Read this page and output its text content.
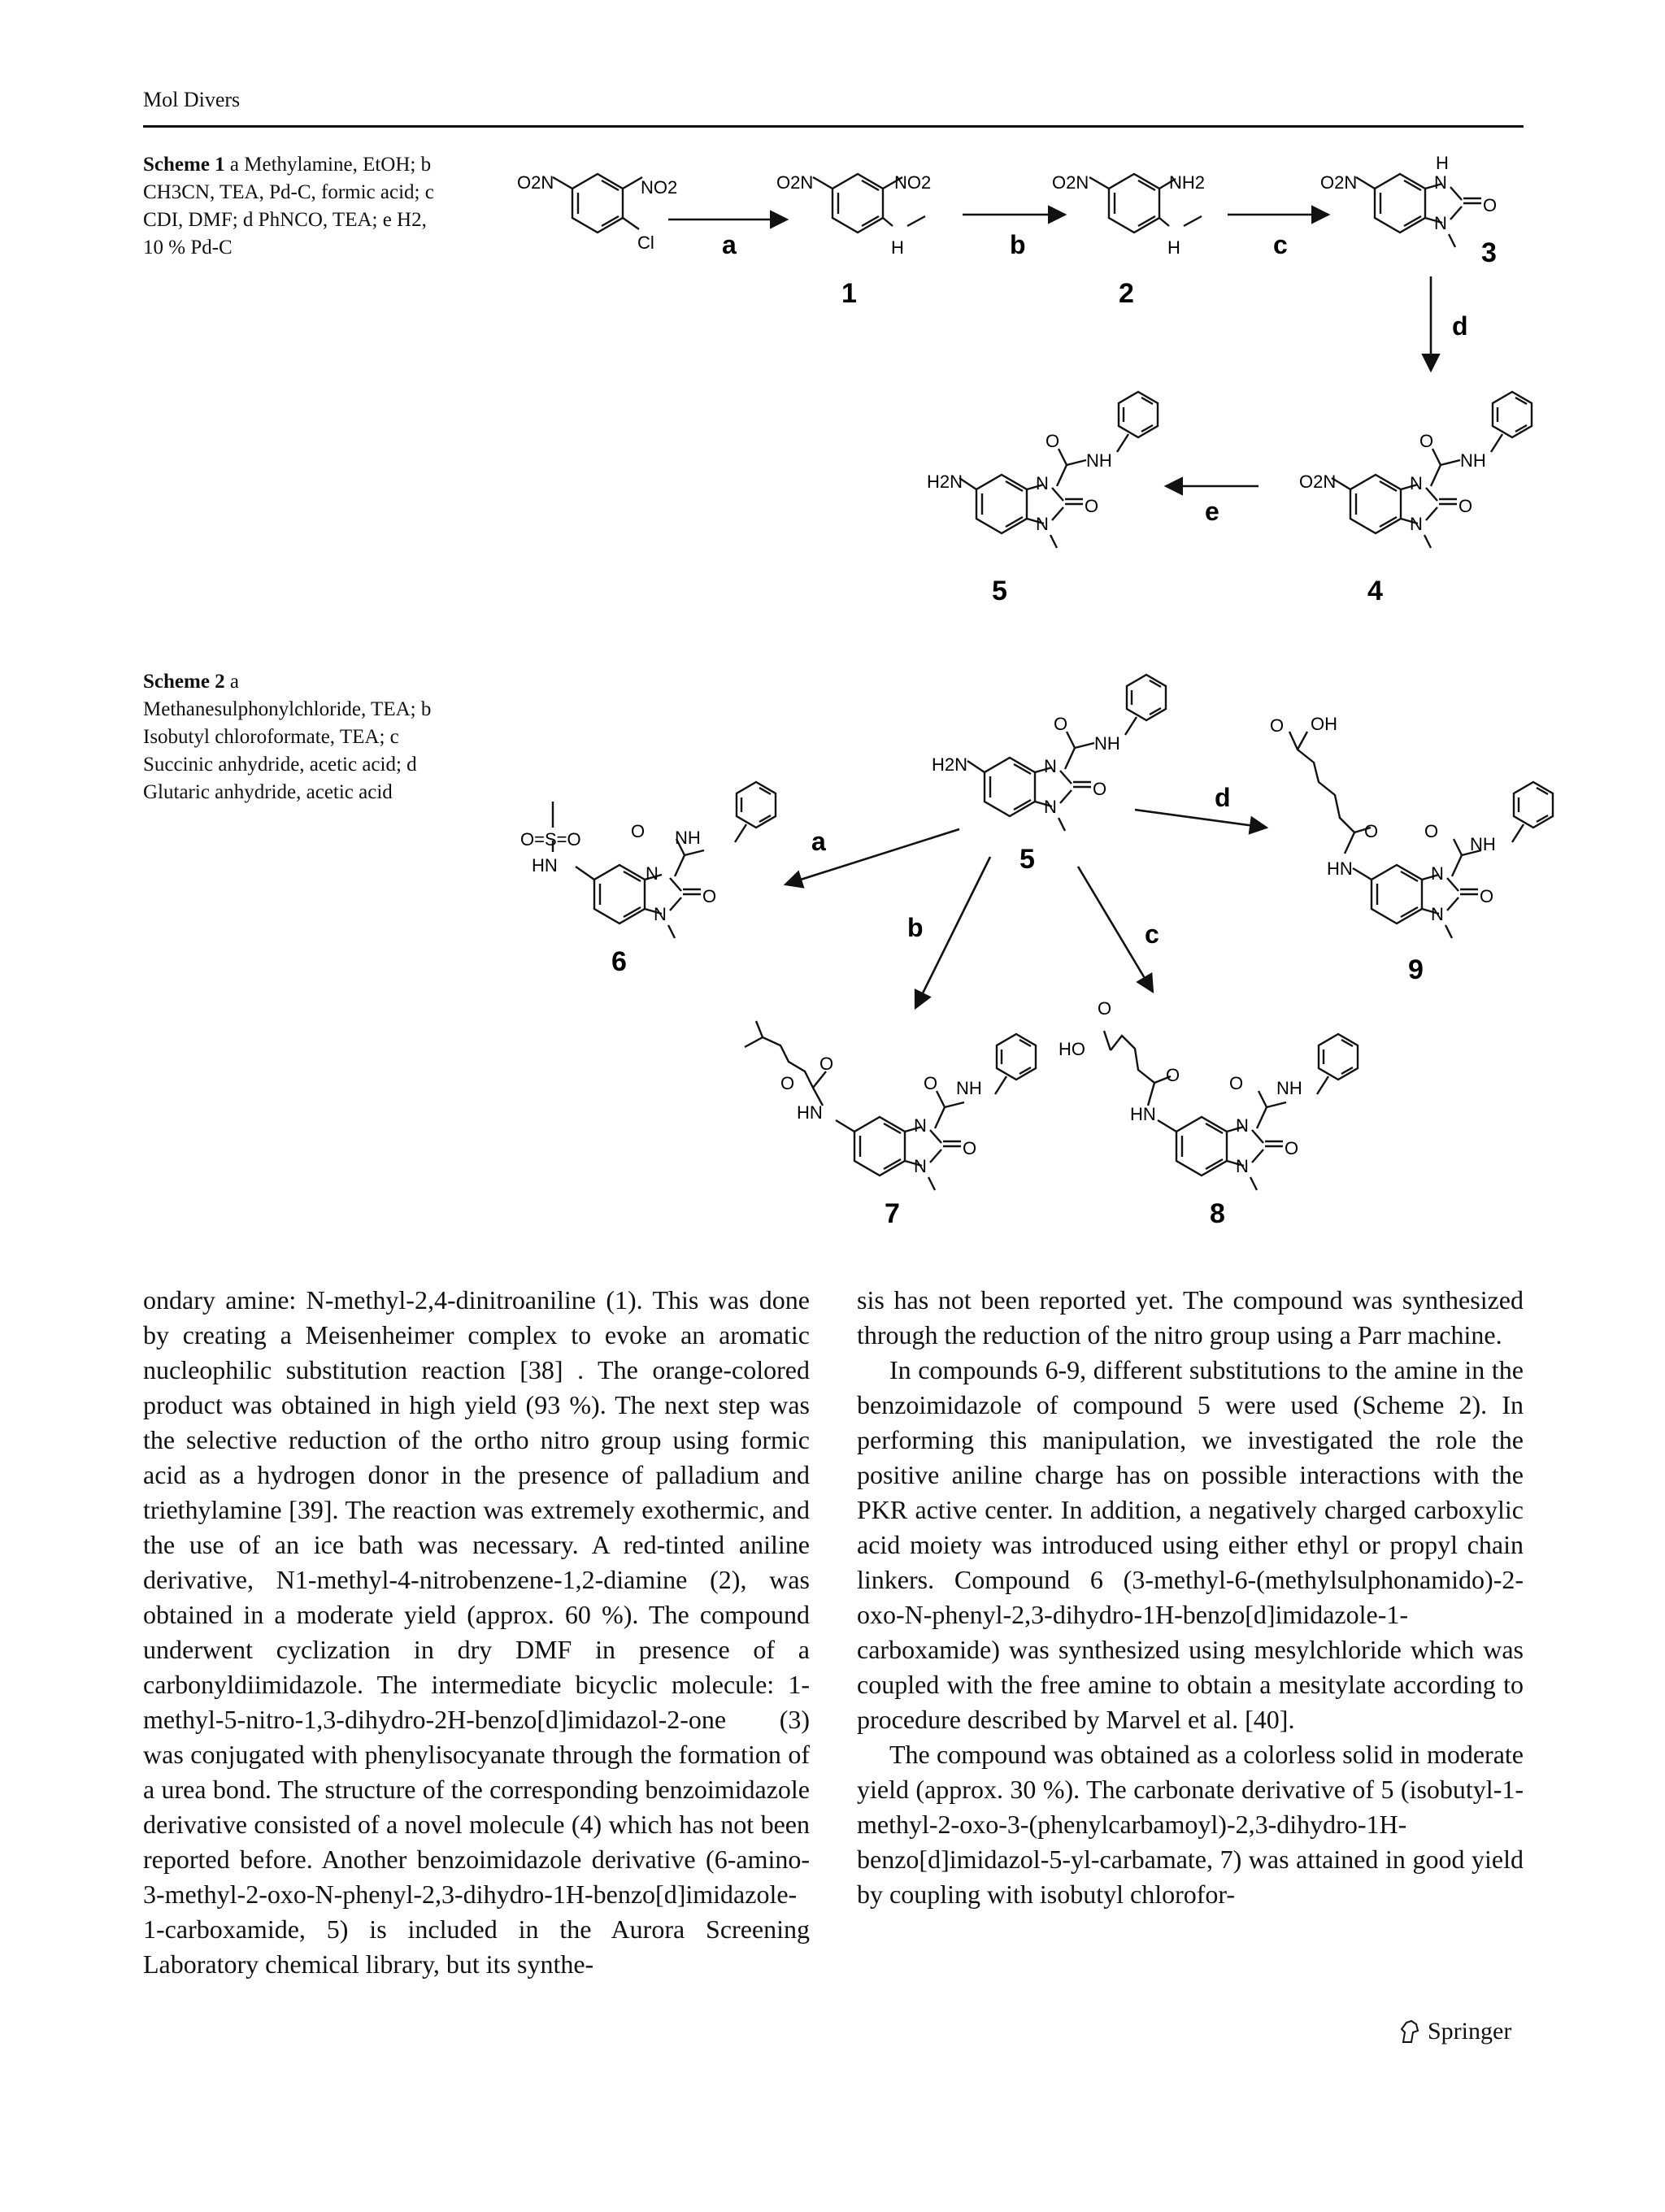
Mol Divers
Scheme 1 a Methylamine, EtOH; b CH3CN, TEA, Pd-C, formic acid; c CDI, DMF; d PhNCO, TEA; e H2, 10 % Pd-C
Scheme 2 a Methanesulphonylchloride, TEA; b Isobutyl chloroformate, TEA; c Succinic anhydride, acetic acid; d Glutaric anhydride, acetic acid
O2N	NO2
Cl	a
O2N	NO2
H
1
b
O2N	NH2
H
2
c
O2N
H
N
N
O
3
d
O2N
O
NH
N
N
O
4
e
H2N
O
NH
N
N
O
5
H2N
O
NH
N
N
O
5
a
b	c
d
O=S=O
HN
O NH
N
N
O
6
HN
O
O
O NH
N
N
O
7
HN
O
HO
O
O NH
N
N
O
8
HN
O
O OH
O
NH
N
N
O
9

ondary amine: N-methyl-2,4-dinitroaniline (1). This was done by creating a Meisenheimer complex to evoke an aromatic nucleophilic substitution reaction [38] . The orange-colored product was obtained in high yield (93 %). The next step was the selective reduction of the ortho nitro group using formic acid as a hydrogen donor in the presence of palladium and triethylamine [39]. The reaction was extremely exothermic, and the use of an ice bath was necessary. A red-tinted aniline derivative, N1-methyl-4-nitrobenzene-1,2-diamine (2), was obtained in a moderate yield (approx. 60 %). The compound underwent cyclization in dry DMF in presence of a carbonyldiimidazole. The intermediate bicyclic molecule: 1-methyl-5-nitro-1,3-dihydro-2H-benzo[d]imidazol-2-one (3) was conjugated with phenylisocyanate through the formation of a urea bond. The structure of the corresponding benzoimidazole derivative consisted of a novel molecule (4) which has not been reported before. Another benzoimidazole derivative (6-amino-3-methyl-2-oxo-N-phenyl-2,3-dihydro-1H-benzo[d]imidazole-1-carboxamide, 5) is included in the Aurora Screening Laboratory chemical library, but its synthe-

sis has not been reported yet. The compound was synthesized through the reduction of the nitro group using a Parr machine.

In compounds 6-9, different substitutions to the amine in the benzoimidazole of compound 5 were used (Scheme 2). In performing this manipulation, we investigated the role the positive aniline charge has on possible interactions with the PKR active center. In addition, a negatively charged carboxylic acid moiety was introduced using either ethyl or propyl chain linkers. Compound 6 (3-methyl-6-(methylsulphonamido)-2-oxo-N-phenyl-2,3-dihydro-1H-benzo[d]imidazole-1-carboxamide) was synthesized using mesylchloride which was coupled with the free amine to obtain a mesitylate according to procedure described by Marvel et al. [40].

The compound was obtained as a colorless solid in moderate yield (approx. 30 %). The carbonate derivative of 5 (isobutyl-1-methyl-2-oxo-3-(phenylcarbamoyl)-2,3-dihydro-1H-benzo[d]imidazol-5-yl-carbamate, 7) was attained in good yield by coupling with isobutyl chlorofor-

Springer
